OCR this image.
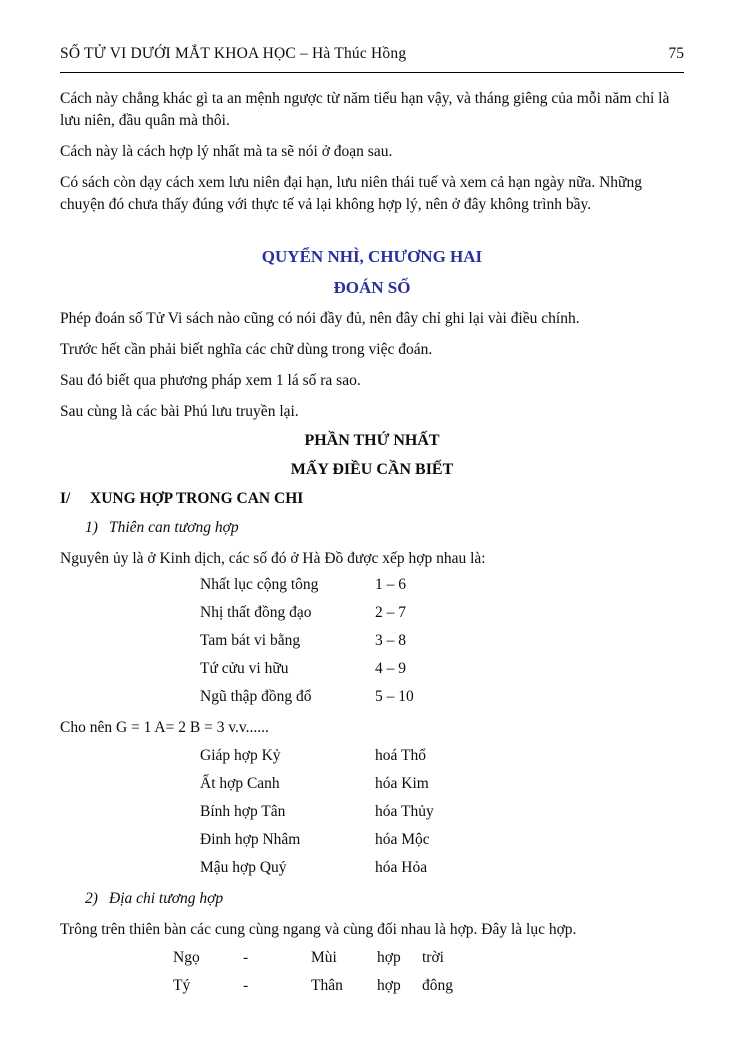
SỐ TỬ VI DƯỚI MẮT KHOA HỌC – Hà Thúc Hồng	75

Cách này chẳng khác gì ta an mệnh ngược từ năm tiểu hạn vậy, và tháng giêng của mỗi năm chỉ là lưu niên, đầu quân mà thôi.

Cách này là cách hợp lý nhất mà ta sẽ nói ở đoạn sau.

Có sách còn dạy cách xem lưu niên đại hạn, lưu niên thái tuế và xem cả hạn ngày nữa. Những chuyện đó chưa thấy đúng với thực tế vả lại không hợp lý, nên ở đây không trình bầy.

QUYỂN NHÌ, CHƯƠNG HAI
ĐOÁN SỐ

Phép đoán số Tử Vi sách nào cũng có nói đầy đủ, nên đây chỉ ghi lại vài điều chính.

Trước hết cần phải biết nghĩa các chữ dùng trong việc đoán.

Sau đó biết qua phương pháp xem 1 lá số ra sao.

Sau cùng là các bài Phú lưu truyền lại.

PHẦN THỨ NHẤT
MẤY ĐIỀU CẦN BIẾT
I/ XUNG HỢP TRONG CAN CHI
1) Thiên can tương hợp

Nguyên ủy là ở Kinh dịch, các số đó ở Hà Đồ được xếp hợp nhau là:

Nhất lục cộng tông	1 – 6
Nhị thất đồng đạo	2 – 7
Tam bát vi bằng	3 – 8
Tứ cửu vi hữu	4 – 9
Ngũ thập đồng đổ	5 – 10

Cho nên G = 1 A= 2 B = 3 v.v......

Giáp hợp Kỷ	hoá Thổ
Ất hợp Canh	hóa Kim
Bính hợp Tân	hóa Thủy
Đinh hợp Nhâm	hóa Mộc
Mậu hợp Quý	hóa Hỏa
2) Địa chi tương hợp

Trông trên thiên bàn các cung cùng ngang và cùng đối nhau là hợp. Đây là lục hợp.

Ngọ	-	Mùi	hợp	trời
Tý	-	Thân	hợp	đông
